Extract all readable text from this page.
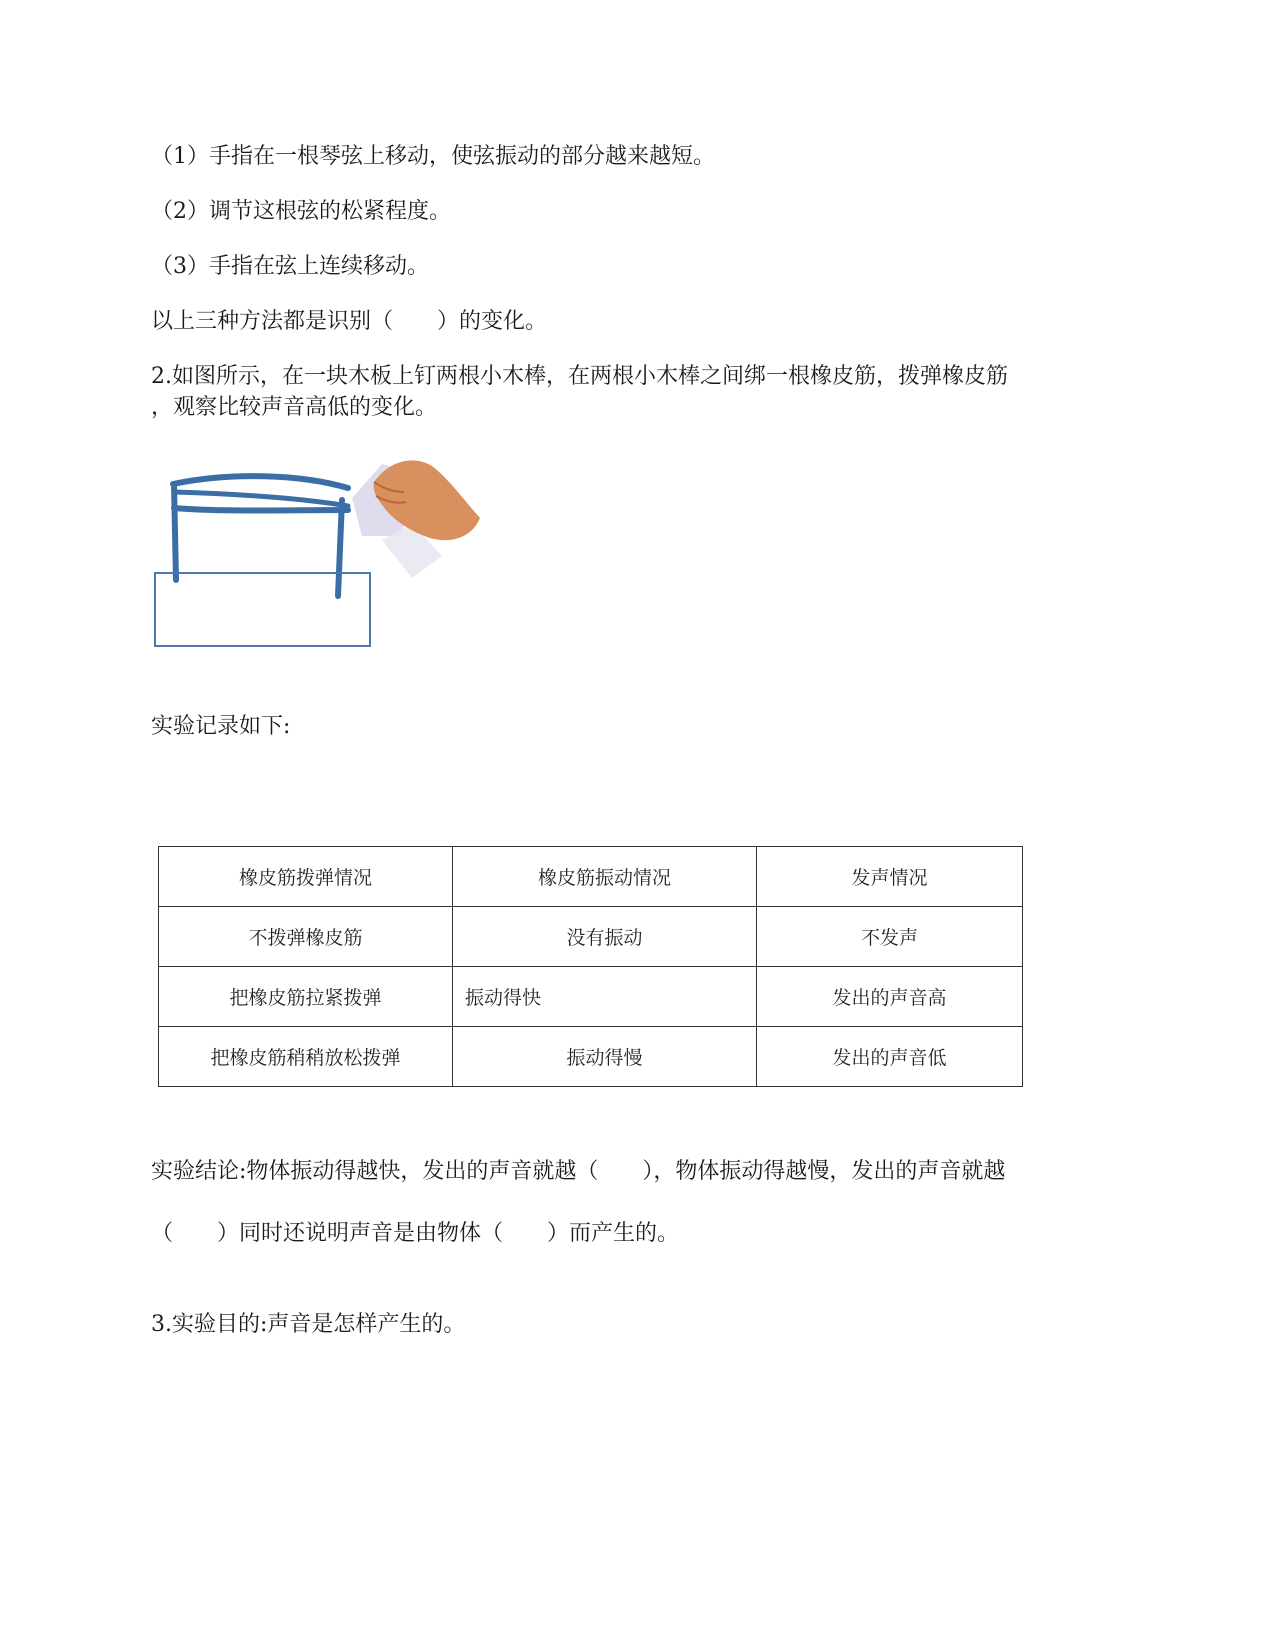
（1）手指在一根琴弦上移动，使弦振动的部分越来越短。
（2）调节这根弦的松紧程度。
（3）手指在弦上连续移动。
以上三种方法都是识别（　　）的变化。
2.如图所示，在一块木板上钉两根小木棒，在两根小木棒之间绑一根橡皮筋，拨弹橡皮筋
，观察比较声音高低的变化。
实验记录如下:
橡皮筋拨弹情况	橡皮筋振动情况	发声情况
不拨弹橡皮筋	没有振动	不发声
把橡皮筋拉紧拨弹	振动得快	发出的声音高
把橡皮筋稍稍放松拨弹	振动得慢	发出的声音低
实验结论:物体振动得越快，发出的声音就越（　　），物体振动得越慢，发出的声音就越
（　　）同时还说明声音是由物体（　　）而产生的。
3.实验目的:声音是怎样产生的。
